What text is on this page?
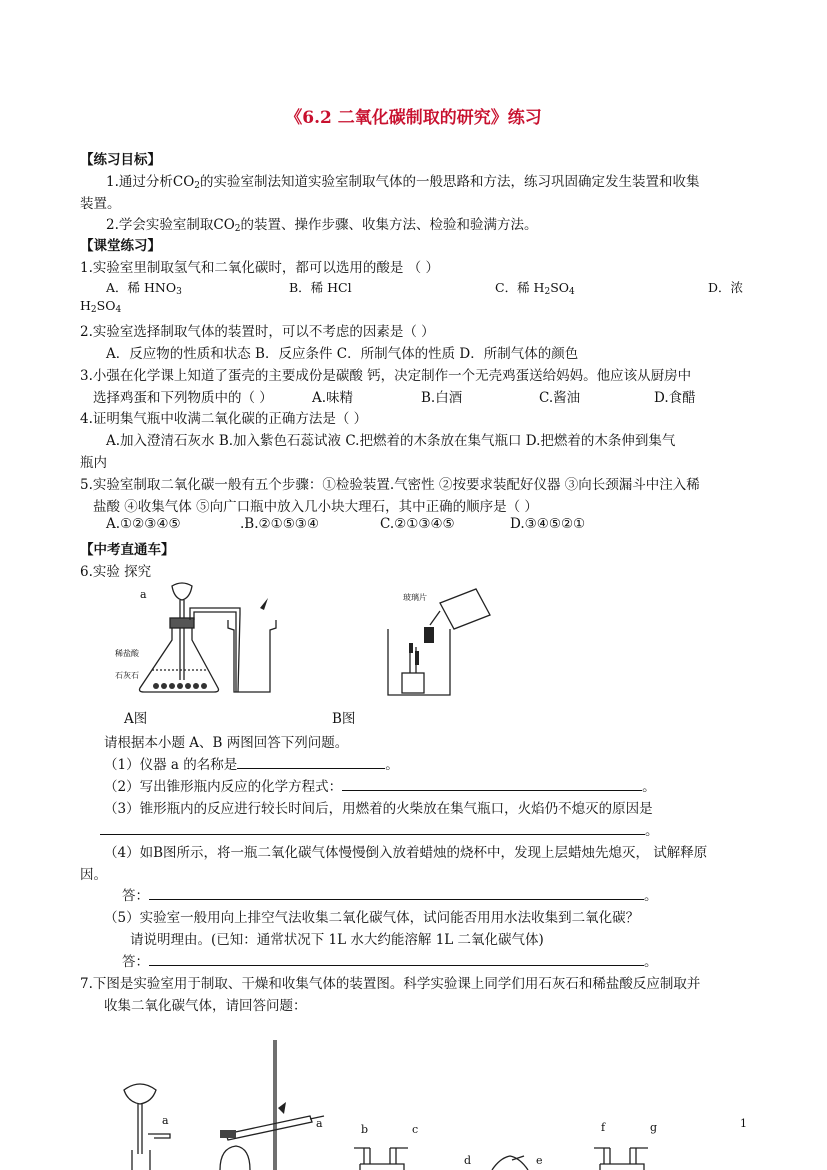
《6.2 二氧化碳制取的研究》练习
【练习目标】
1.通过分析$CO_2$的实验室制法知道实验室制取气体的一般思路和方法，练习巩固确定发生装置和收集
装置。
2.学会实验室制取$CO_2$的装置、操作步骤、收集方法、检验和验满方法。
【课堂练习】
1.实验室里制取氢气和二氧化碳时，都可以选用的酸是 （ ）
A．稀 $HNO_3$	B．稀 HCl	C．稀 $H_2SO_4$	D．浓
$H_2SO_4$
2.实验室选择制取气体的装置时，可以不考虑的因素是（ ）
A．反应物的性质和状态 B．反应条件 C．所制气体的性质 D．所制气体的颜色
3.小强在化学课上知道了蛋壳的主要成份是碳酸 钙，决定制作一个无壳鸡蛋送给妈妈。他应该从厨房中
选择鸡蛋和下列物质中的（ ）	A.味精	B.白酒	C.酱油	D.食醋
4.证明集气瓶中收满二氧化碳的正确方法是（ ）
A.加入澄清石灰水 B.加入紫色石蕊试液 C.把燃着的木条放在集气瓶口 D.把燃着的木条伸到集气
瓶内
5.实验室制取二氧化碳一般有五个步骤：①检验装置.气密性 ②按要求装配好仪器 ③向长颈漏斗中注入稀
盐酸 ④收集气体 ⑤向广口瓶中放入几小块大理石，其中正确的顺序是（ ）
A.①②③④⑤	.B.②①⑤③④	C.②①③④⑤	D.③④⑤②①
【中考直通车】
6.实验 探究
a
稀盐酸
石灰石
玻璃片
A图	B图
请根据本小题 A、B 两图回答下列问题。
（1）仪器 a 的名称是	。
（2）写出锥形瓶内反应的化学方程式：	。
（3）锥形瓶内的反应进行较长时间后，用燃着的火柴放在集气瓶口，火焰仍不熄灭的原因是
。
（4）如B图所示，将一瓶二氧化碳气体慢慢倒入放着蜡烛的烧杯中，发现上层蜡烛先熄灭， 试解释原
因。
答：	。
（5）实验室一般用向上排空气法收集二氧化碳气体，试问能否用用水法收集到二氧化碳？
请说明理由。(已知：通常状况下 1L 水大约能溶解 1L 二氧化碳气体)
答：	。
7.下图是实验室用于制取、干燥和收集气体的装置图。科学实验课上同学们用石灰石和稀盐酸反应制取并
收集二氧化碳气体，请回答问题：
a	a	b	c
d	e
f	g	1
